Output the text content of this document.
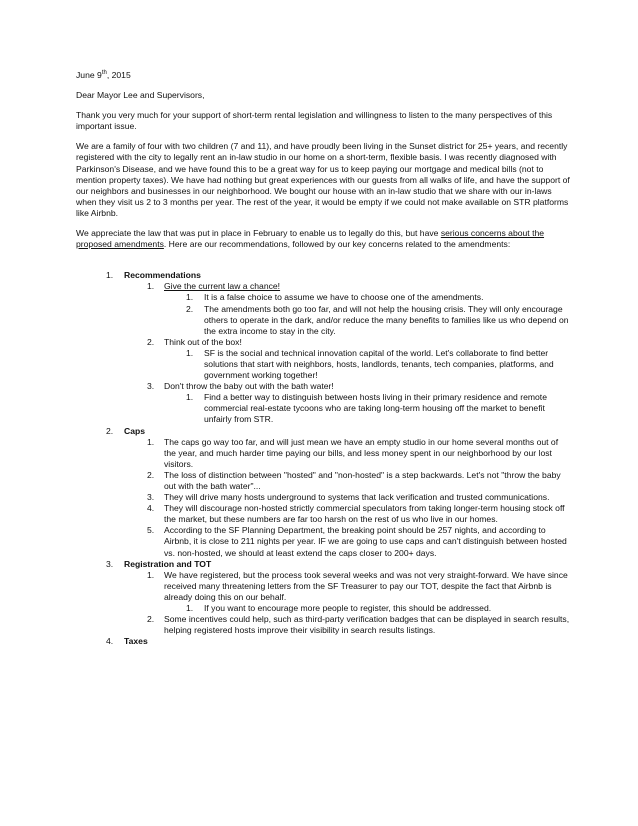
June 9th, 2015

Dear Mayor Lee and Supervisors,

Thank you very much for your support of short-term rental legislation and willingness to listen to the many perspectives of this important issue.

We are a family of four with two children (7 and 11), and have proudly been living in the Sunset district for 25+ years, and recently registered with the city to legally rent an in-law studio in our home on a short-term, flexible basis. I was recently diagnosed with Parkinson's Disease, and we have found this to be a great way for us to keep paying our mortgage and medical bills (not to mention property taxes). We have had nothing but great experiences with our guests from all walks of life, and have the support of our neighbors and businesses in our neighborhood. We bought our house with an in-law studio that we share with our in-laws when they visit us 2 to 3 months per year. The rest of the year, it would be empty if we could not make available on STR platforms like Airbnb.

We appreciate the law that was put in place in February to enable us to legally do this, but have serious concerns about the proposed amendments. Here are our recommendations, followed by our key concerns related to the amendments:

1. Recommendations
1. Give the current law a chance!
1. It is a false choice to assume we have to choose one of the amendments.
2. The amendments both go too far, and will not help the housing crisis. They will only encourage others to operate in the dark, and/or reduce the many benefits to families like us who depend on the extra income to stay in the city.
2. Think out of the box!
1. SF is the social and technical innovation capital of the world. Let's collaborate to find better solutions that start with neighbors, hosts, landlords, tenants, tech companies, platforms, and government working together!
3. Don't throw the baby out with the bath water!
1. Find a better way to distinguish between hosts living in their primary residence and remote commercial real-estate tycoons who are taking long-term housing off the market to benefit unfairly from STR.
2. Caps
1. The caps go way too far, and will just mean we have an empty studio in our home several months out of the year, and much harder time paying our bills, and less money spent in our neighborhood by our lost visitors.
2. The loss of distinction between "hosted" and "non-hosted" is a step backwards. Let's not "throw the baby out with the bath water"...
3. They will drive many hosts underground to systems that lack verification and trusted communications.
4. They will discourage non-hosted strictly commercial speculators from taking longer-term housing stock off the market, but these numbers are far too harsh on the rest of us who live in our homes.
5. According to the SF Planning Department, the breaking point should be 257 nights, and according to Airbnb, it is close to 211 nights per year. IF we are going to use caps and can't distinguish between hosted vs. non-hosted, we should at least extend the caps closer to 200+ days.
3. Registration and TOT
1. We have registered, but the process took several weeks and was not very straight-forward. We have since received many threatening letters from the SF Treasurer to pay our TOT, despite the fact that Airbnb is already doing this on our behalf.
1. If you want to encourage more people to register, this should be addressed.
2. Some incentives could help, such as third-party verification badges that can be displayed in search results, helping registered hosts improve their visibility in search results listings.
4. Taxes
